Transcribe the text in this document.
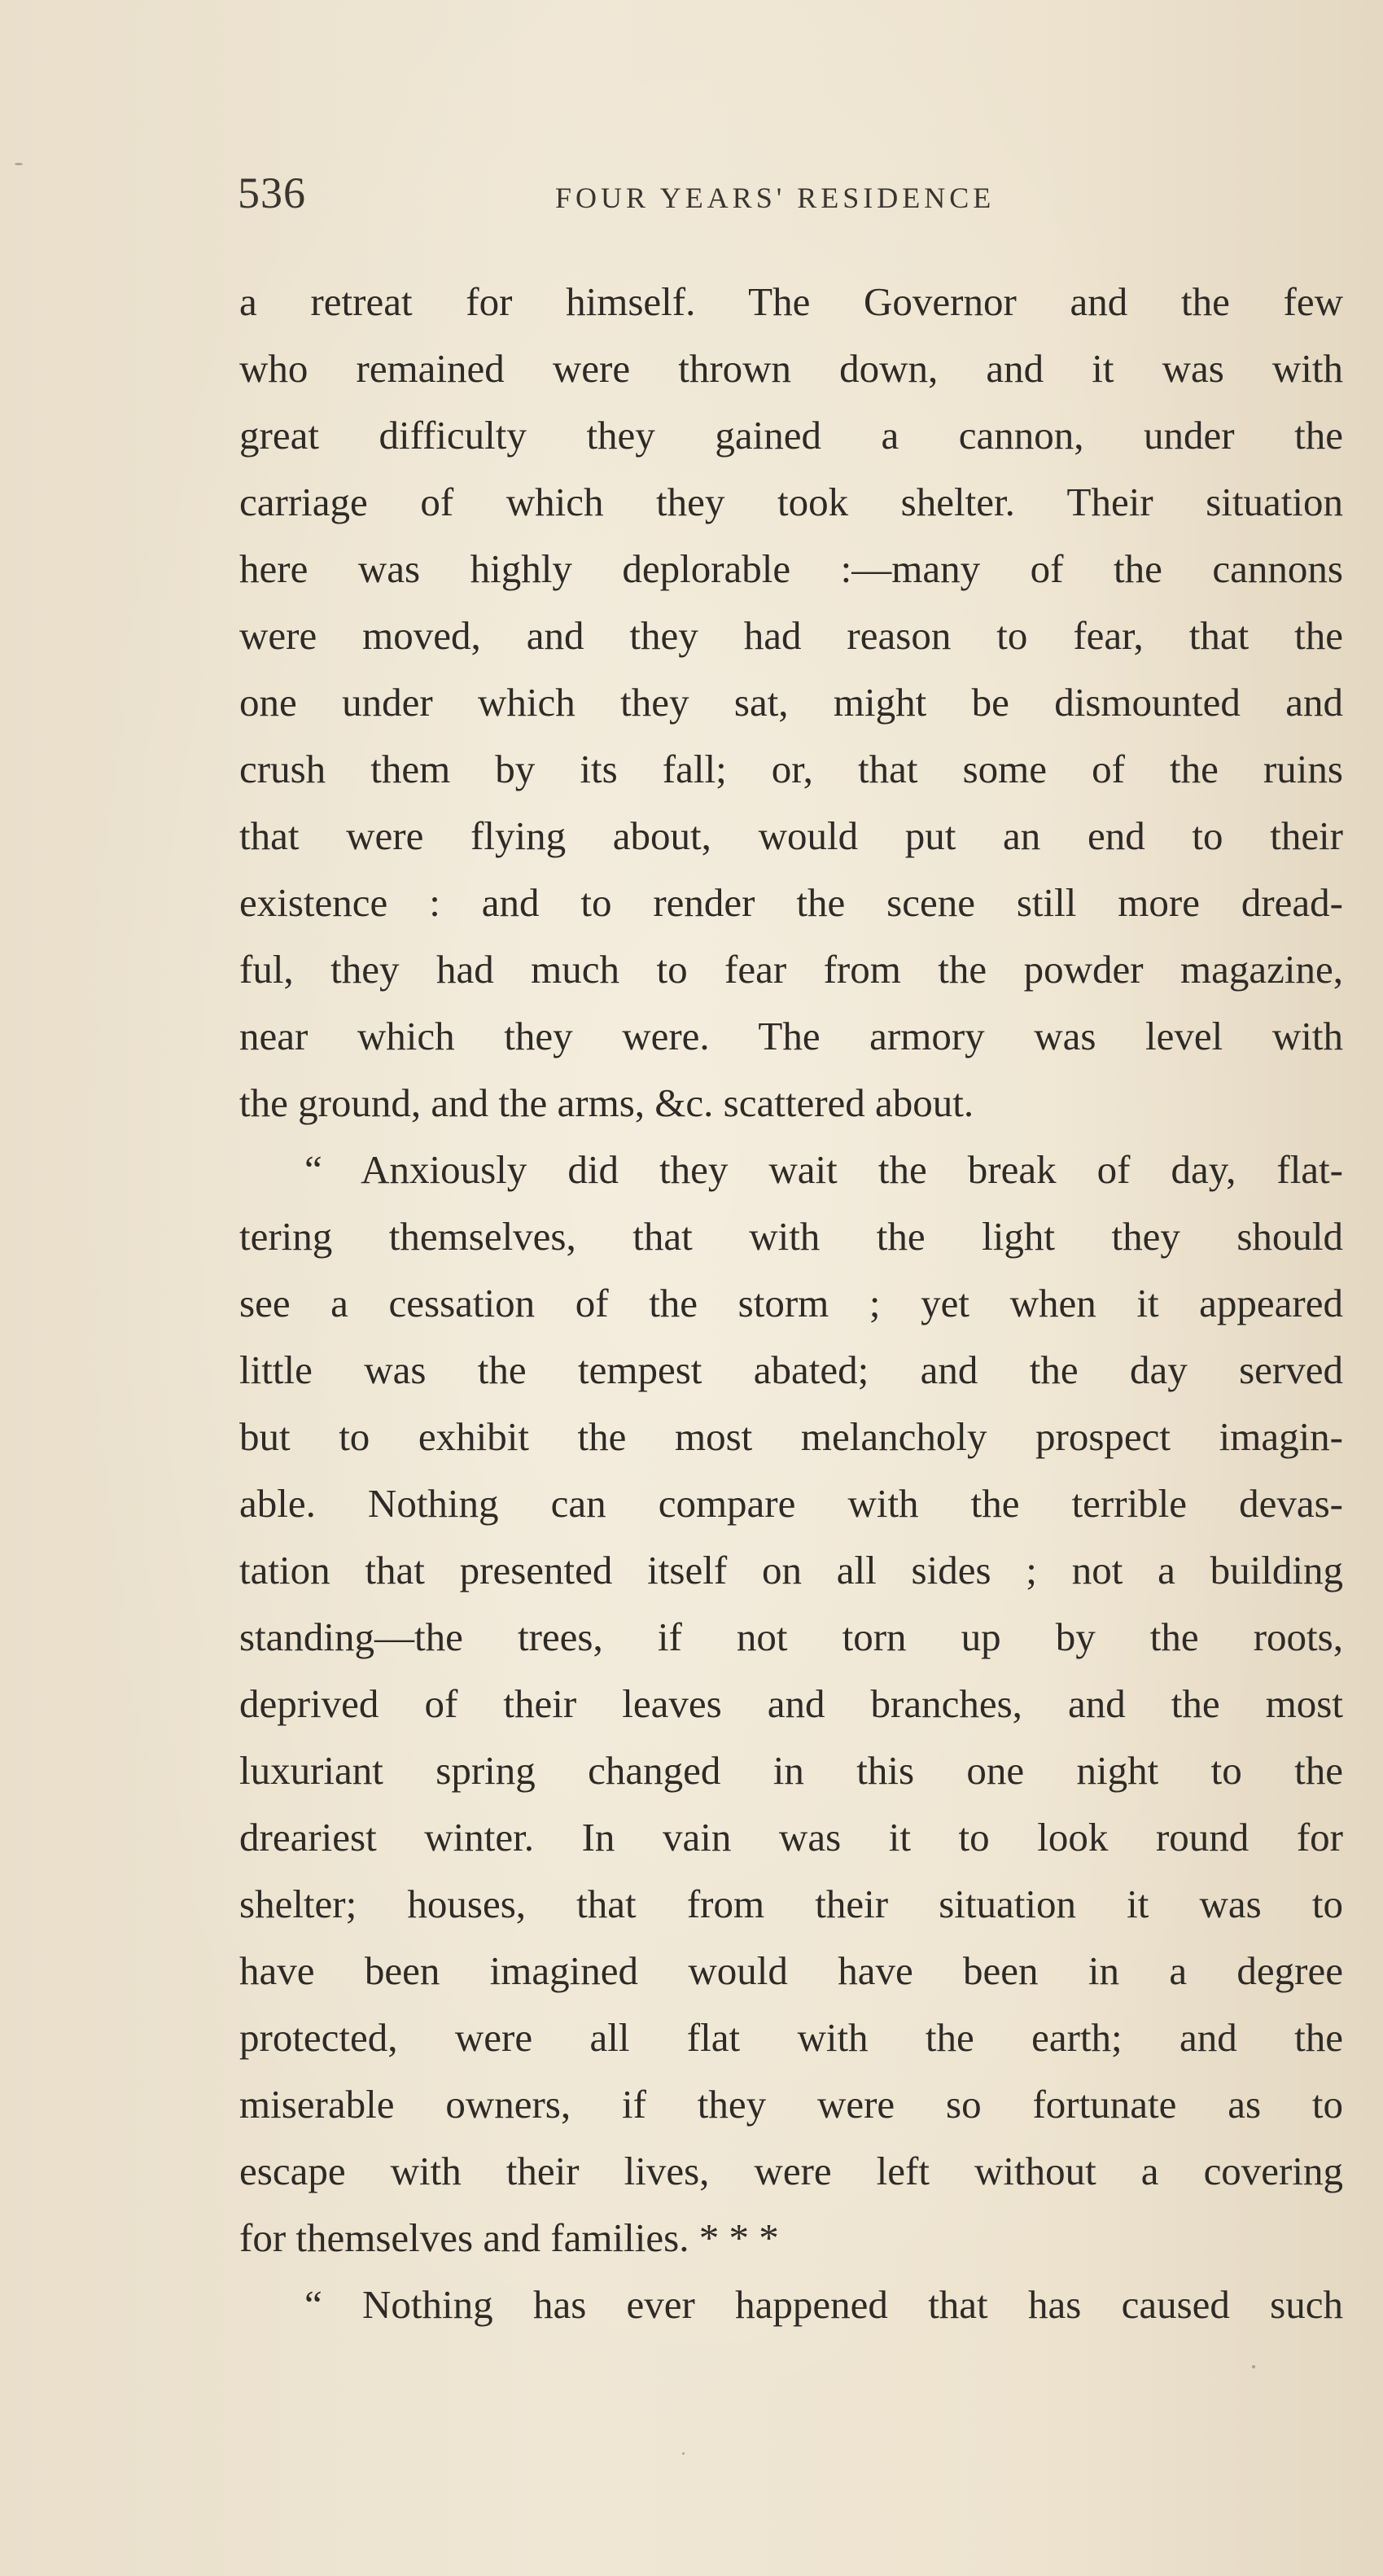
536	FOUR YEARS' RESIDENCE
a retreat for himself. The Governor and the few
who remained were thrown down, and it was with
great difficulty they gained a cannon, under the
carriage of which they took shelter. Their situation
here was highly deplorable :—many of the cannons
were moved, and they had reason to fear, that the
one under which they sat, might be dismounted and
crush them by its fall; or, that some of the ruins
that were flying about, would put an end to their
existence : and to render the scene still more dread-
ful, they had much to fear from the powder magazine,
near which they were. The armory was level with
the ground, and the arms, &c. scattered about.
“ Anxiously did they wait the break of day, flat-
tering themselves, that with the light they should
see a cessation of the storm ; yet when it appeared
little was the tempest abated; and the day served
but to exhibit the most melancholy prospect imagin-
able. Nothing can compare with the terrible devas-
tation that presented itself on all sides ; not a building
standing—the trees, if not torn up by the roots,
deprived of their leaves and branches, and the most
luxuriant spring changed in this one night to the
dreariest winter. In vain was it to look round for
shelter; houses, that from their situation it was to
have been imagined would have been in a degree
protected, were all flat with the earth; and the
miserable owners, if they were so fortunate as to
escape with their lives, were left without a covering
for themselves and families. * * *
“ Nothing has ever happened that has caused such
